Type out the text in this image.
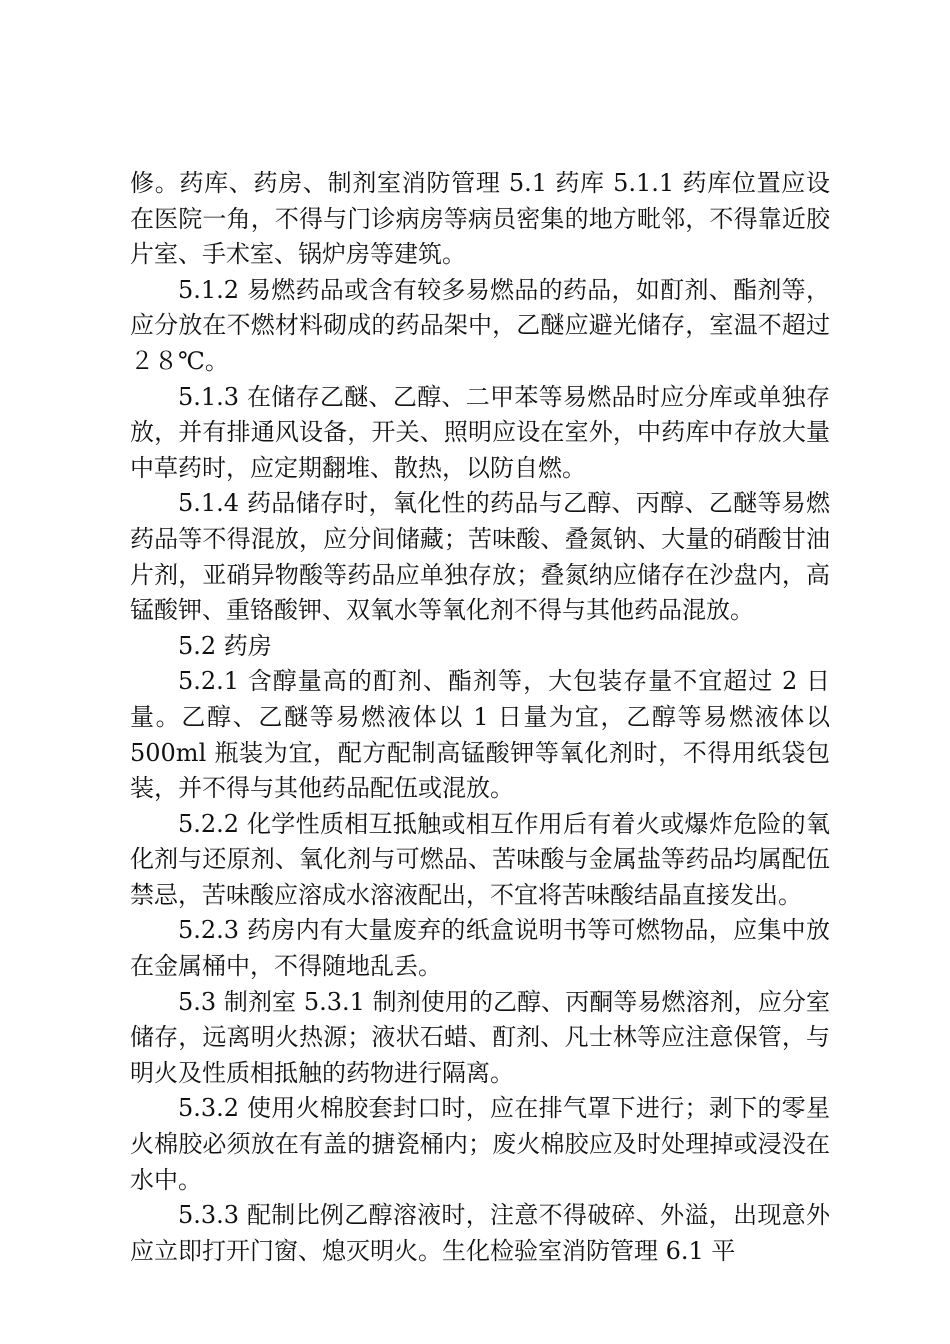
修。药库、药房、制剂室消防管理 5.1 药库 5.1.1 药库位置应设在医院一角，不得与门诊病房等病员密集的地方毗邻，不得靠近胶片室、手术室、锅炉房等建筑。

5.1.2 易燃药品或含有较多易燃品的药品，如酊剂、酯剂等，应分放在不燃材料砌成的药品架中，乙醚应避光储存，室温不超过２８℃。

5.1.3 在储存乙醚、乙醇、二甲苯等易燃品时应分库或单独存放，并有排通风设备，开关、照明应设在室外，中药库中存放大量中草药时，应定期翻堆、散热，以防自燃。

5.1.4 药品储存时，氧化性的药品与乙醇、丙醇、乙醚等易燃药品等不得混放，应分间储藏；苦味酸、叠氮钠、大量的硝酸甘油片剂，亚硝异物酸等药品应单独存放；叠氮纳应储存在沙盘内，高锰酸钾、重铬酸钾、双氧水等氧化剂不得与其他药品混放。

5.2 药房

5.2.1 含醇量高的酊剂、酯剂等，大包装存量不宜超过 2 日量。乙醇、乙醚等易燃液体以 1 日量为宜，乙醇等易燃液体以 500ml 瓶装为宜，配方配制高锰酸钾等氧化剂时，不得用纸袋包装，并不得与其他药品配伍或混放。

5.2.2 化学性质相互抵触或相互作用后有着火或爆炸危险的氧化剂与还原剂、氧化剂与可燃品、苦味酸与金属盐等药品均属配伍禁忌，苦味酸应溶成水溶液配出，不宜将苦味酸结晶直接发出。

5.2.3 药房内有大量废弃的纸盒说明书等可燃物品，应集中放在金属桶中，不得随地乱丢。

5.3 制剂室 5.3.1 制剂使用的乙醇、丙酮等易燃溶剂，应分室储存，远离明火热源；液状石蜡、酊剂、凡士林等应注意保管，与明火及性质相抵触的药物进行隔离。

5.3.2 使用火棉胶套封口时，应在排气罩下进行；剥下的零星火棉胶必须放在有盖的搪瓷桶内；废火棉胶应及时处理掉或浸没在水中。

5.3.3 配制比例乙醇溶液时，注意不得破碎、外溢，出现意外应立即打开门窗、熄灭明火。生化检验室消防管理 6.1 平
